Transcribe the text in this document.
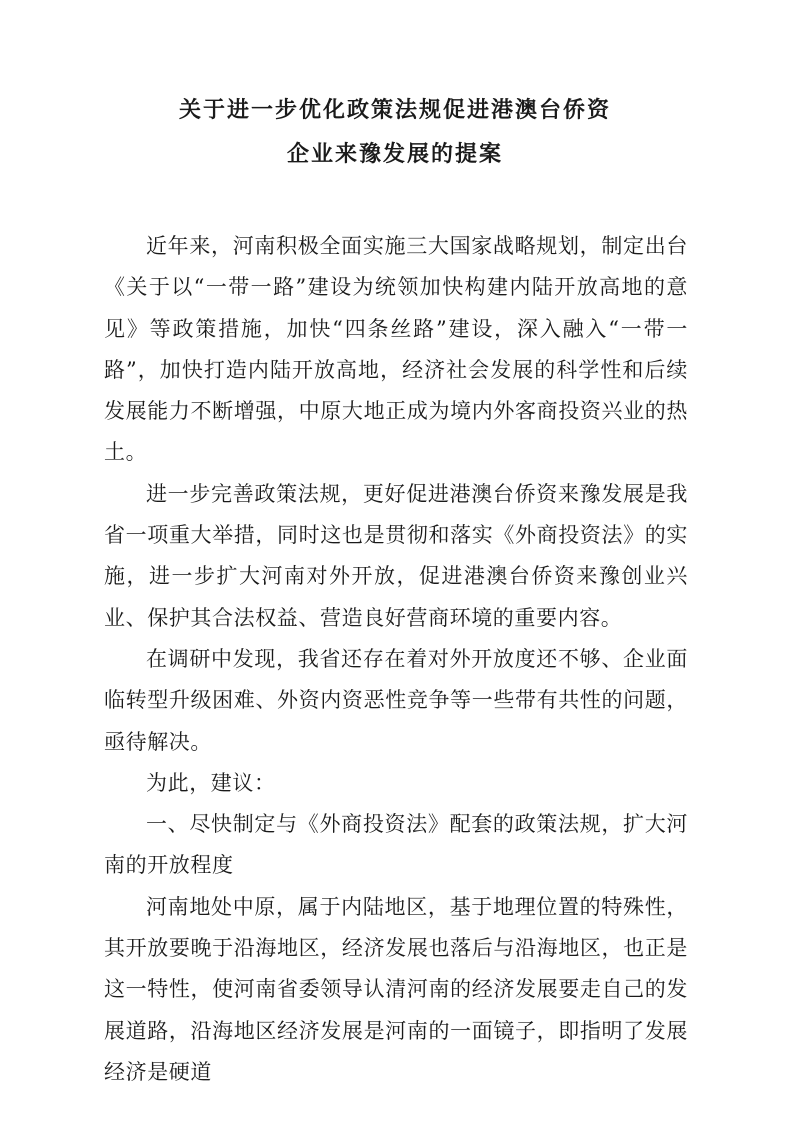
关于进一步优化政策法规促进港澳台侨资
企业来豫发展的提案

近年来，河南积极全面实施三大国家战略规划，制定出台《关于以“一带一路”建设为统领加快构建内陆开放高地的意见》等政策措施，加快“四条丝路”建设，深入融入“一带一路”，加快打造内陆开放高地，经济社会发展的科学性和后续发展能力不断增强，中原大地正成为境内外客商投资兴业的热土。

进一步完善政策法规，更好促进港澳台侨资来豫发展是我省一项重大举措，同时这也是贯彻和落实《外商投资法》的实施，进一步扩大河南对外开放，促进港澳台侨资来豫创业兴业、保护其合法权益、营造良好营商环境的重要内容。

在调研中发现，我省还存在着对外开放度还不够、企业面临转型升级困难、外资内资恶性竞争等一些带有共性的问题，亟待解决。

为此，建议：

一、尽快制定与《外商投资法》配套的政策法规，扩大河南的开放程度

河南地处中原，属于内陆地区，基于地理位置的特殊性，其开放要晚于沿海地区，经济发展也落后与沿海地区，也正是这一特性，使河南省委领导认清河南的经济发展要走自己的发展道路，沿海地区经济发展是河南的一面镜子，即指明了发展经济是硬道
